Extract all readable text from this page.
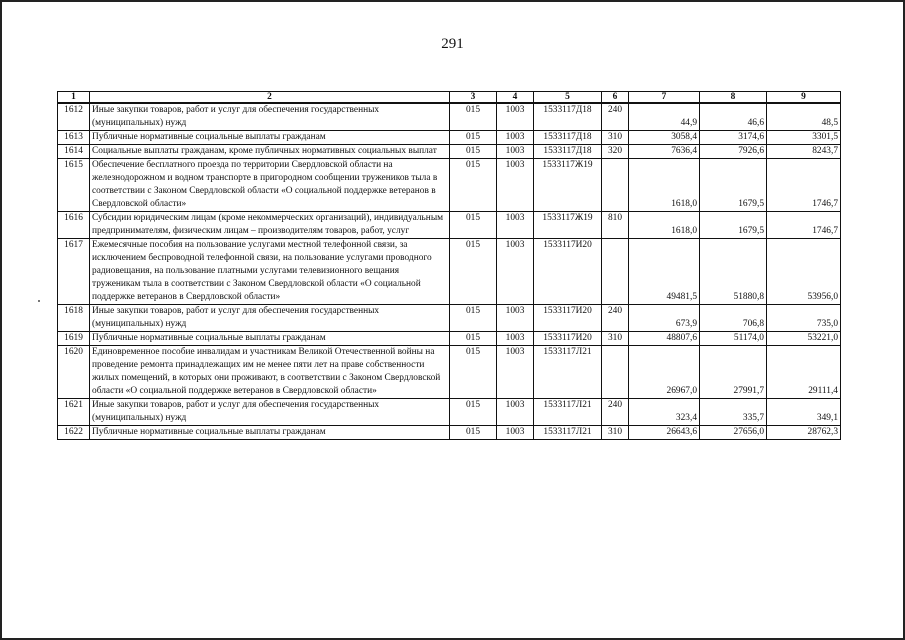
291
1	2	3	4	5	6	7	8	9
1612	Иные закупки товаров, работ и услуг для обеспечения государственных (муниципальных) нужд	015	1003	1533117Д18	240	44,9	46,6	48,5
1613	Публичные нормативные социальные выплаты гражданам	015	1003	1533117Д18	310	3058,4	3174,6	3301,5
1614	Социальные выплаты гражданам, кроме публичных нормативных социальных выплат	015	1003	1533117Д18	320	7636,4	7926,6	8243,7
1615	Обеспечение бесплатного проезда по территории Свердловской области на железнодорожном и водном транспорте в пригородном сообщении тружеников тыла в соответствии с Законом Свердловской области «О социальной поддержке ветеранов в Свердловской области»	015	1003	1533117Ж19		1618,0	1679,5	1746,7
1616	Субсидии юридическим лицам (кроме некоммерческих организаций), индивидуальным предпринимателям, физическим лицам – производителям товаров, работ, услуг	015	1003	1533117Ж19	810	1618,0	1679,5	1746,7
1617	Ежемесячные пособия на пользование услугами местной телефонной связи, за исключением беспроводной телефонной связи, на пользование услугами проводного радиовещания, на пользование платными услугами телевизионного вещания труженикам тыла в соответствии с Законом Свердловской области «О социальной поддержке ветеранов в Свердловской области»	015	1003	1533117И20		49481,5	51880,8	53956,0
1618	Иные закупки товаров, работ и услуг для обеспечения государственных (муниципальных) нужд	015	1003	1533117И20	240	673,9	706,8	735,0
1619	Публичные нормативные социальные выплаты гражданам	015	1003	1533117И20	310	48807,6	51174,0	53221,0
1620	Единовременное пособие инвалидам и участникам Великой Отечественной войны на проведение ремонта принадлежащих им не менее пяти лет на праве собственности жилых помещений, в которых они проживают, в соответствии с Законом Свердловской области «О социальной поддержке ветеранов в Свердловской области»	015	1003	1533117Л21		26967,0	27991,7	29111,4
1621	Иные закупки товаров, работ и услуг для обеспечения государственных (муниципальных) нужд	015	1003	1533117Л21	240	323,4	335,7	349,1
1622	Публичные нормативные социальные выплаты гражданам	015	1003	1533117Л21	310	26643,6	27656,0	28762,3
